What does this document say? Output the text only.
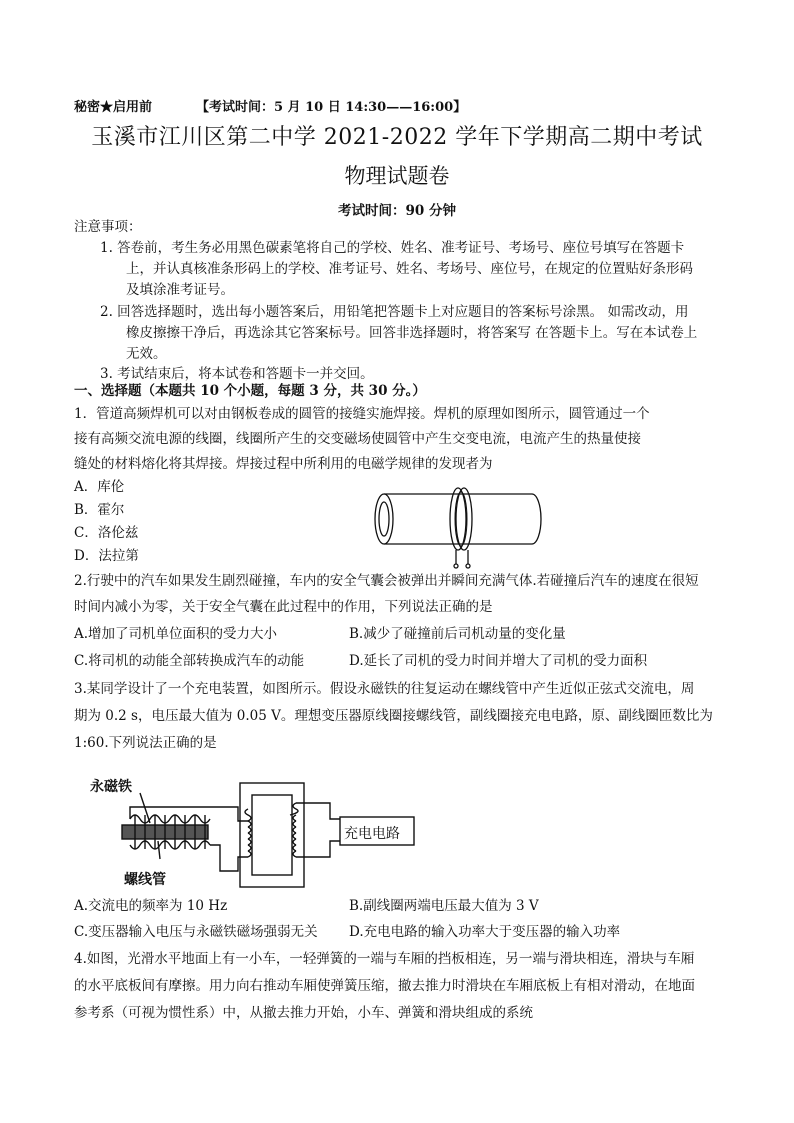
秘密★启用前	【考试时间：5 月 10 日 14:30——16:00】
玉溪市江川区第二中学 2021-2022 学年下学期高二期中考试
物理试题卷
考试时间：90 分钟
注意事项：
1. 答卷前，考生务必用黑色碳素笔将自己的学校、姓名、准考证号、考场号、座位号填写在答题卡
上，并认真核准条形码上的学校、准考证号、姓名、考场号、座位号，在规定的位置贴好条形码
及填涂准考证号。
2. 回答选择题时，选出每小题答案后，用铅笔把答题卡上对应题目的答案标号涂黑。 如需改动，用
橡皮擦擦干净后，再选涂其它答案标号。回答非选择题时，将答案写 在答题卡上。写在本试卷上
无效。
3. 考试结束后，将本试卷和答题卡一并交回。
一、选择题（本题共 10 个小题，每题 3 分，共 30 分。）
1．管道高频焊机可以对由钢板卷成的圆管的接缝实施焊接。焊机的原理如图所示，圆管通过一个
接有高频交流电源的线圈，线圈所产生的交变磁场使圆管中产生交变电流，电流产生的热量使接
缝处的材料熔化将其焊接。焊接过程中所利用的电磁学规律的发现者为
A．库伦
B．霍尔
C．洛伦兹
D．法拉第
2.行驶中的汽车如果发生剧烈碰撞，车内的安全气囊会被弹出并瞬间充满气体.若碰撞后汽车的速度在很短
时间内减小为零，关于安全气囊在此过程中的作用，下列说法正确的是
A.增加了司机单位面积的受力大小	B.减少了碰撞前后司机动量的变化量
C.将司机的动能全部转换成汽车的动能	D.延长了司机的受力时间并增大了司机的受力面积
3.某同学设计了一个充电装置，如图所示。假设永磁铁的往复运动在螺线管中产生近似正弦式交流电，周
期为 0.2 s，电压最大值为 0.05 V。理想变压器原线圈接螺线管，副线圈接充电电路，原、副线圈匝数比为
1:60.下列说法正确的是
永磁铁
螺线管
充电电路
A.交流电的频率为 10 Hz	B.副线圈两端电压最大值为 3 V
C.变压器输入电压与永磁铁磁场强弱无关 D.充电电路的输入功率大于变压器的输入功率
4.如图，光滑水平地面上有一小车，一轻弹簧的一端与车厢的挡板相连，另一端与滑块相连，滑块与车厢
的水平底板间有摩擦。用力向右推动车厢使弹簧压缩，撤去推力时滑块在车厢底板上有相对滑动，在地面
参考系（可视为惯性系）中，从撤去推力开始，小车、弹簧和滑块组成的系统
